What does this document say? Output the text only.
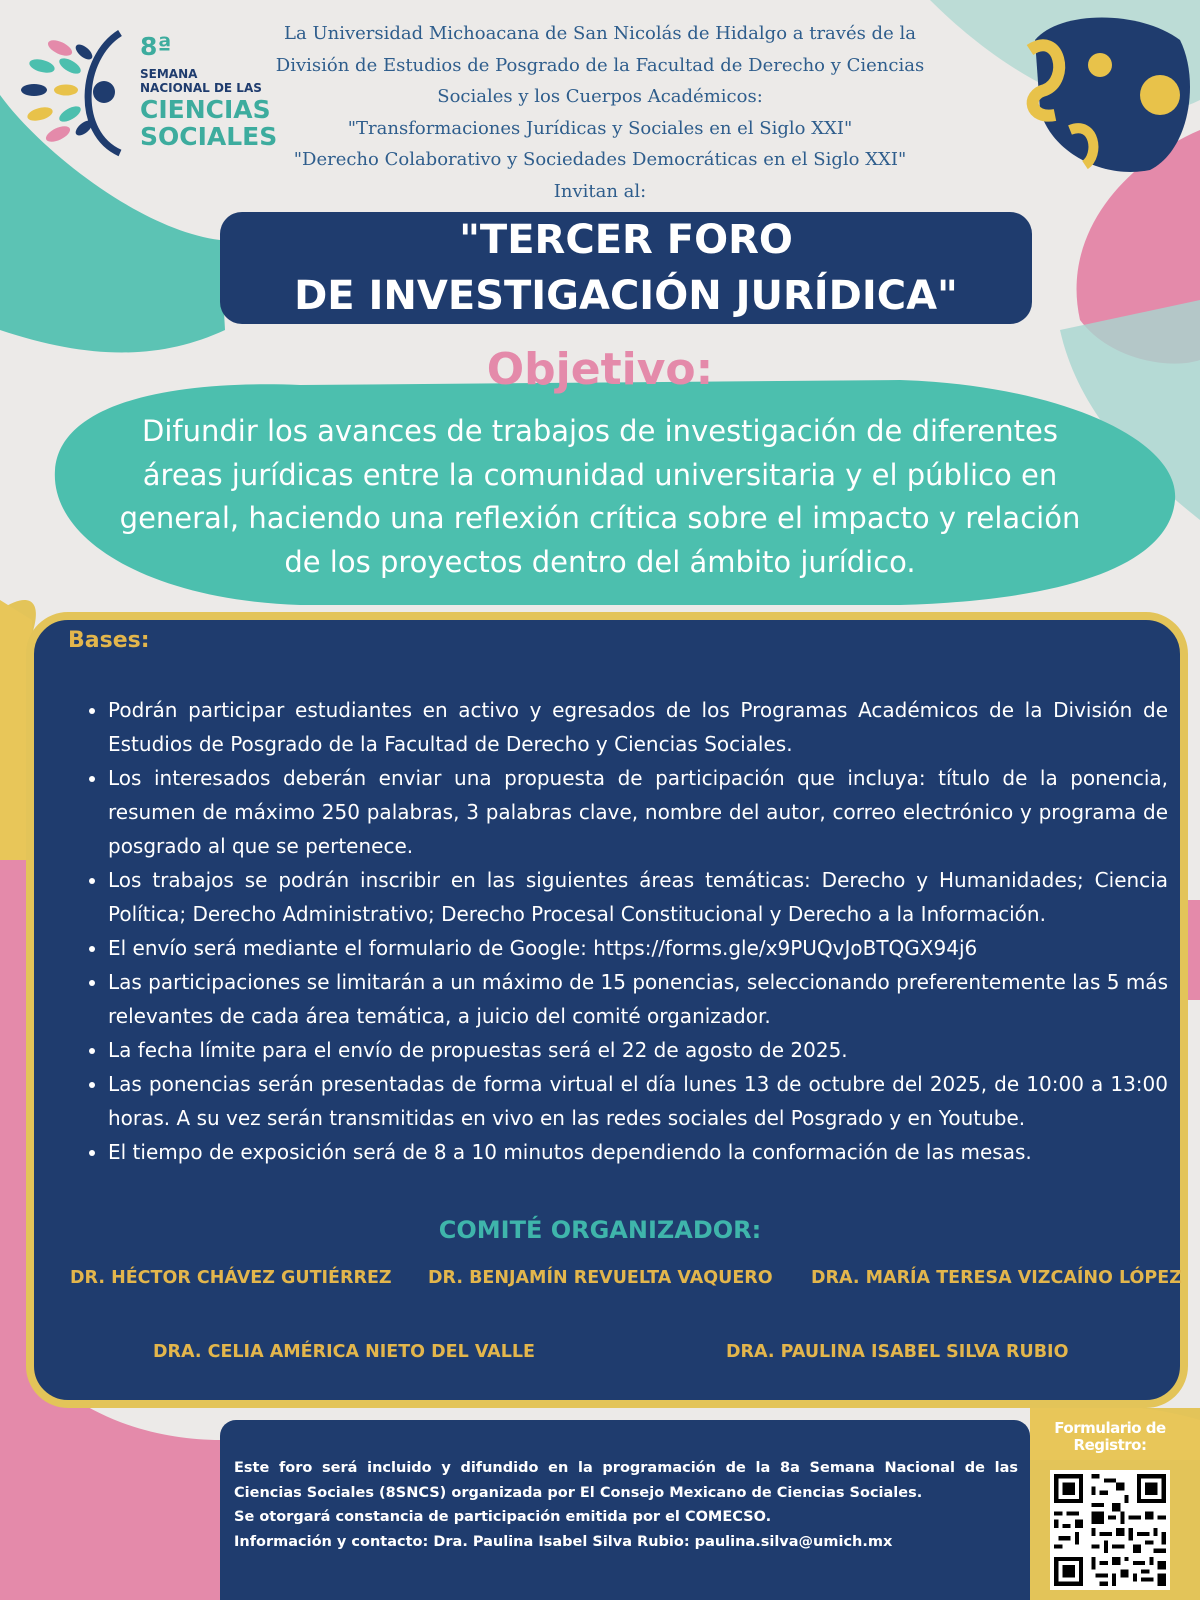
8ª
SEMANA
NACIONAL DE LAS
CIENCIAS
SOCIALES

La Universidad Michoacana de San Nicolás de Hidalgo a través de la
División de Estudios de Posgrado de la Facultad de Derecho y Ciencias
Sociales y los Cuerpos Académicos:
"Transformaciones Jurídicas y Sociales en el Siglo XXI"
"Derecho Colaborativo y Sociedades Democráticas en el Siglo XXI"
Invitan al:

"TERCER FORO
DE INVESTIGACIÓN JURÍDICA"
Objetivo:

Difundir los avances de trabajos de investigación de diferentes
áreas jurídicas entre la comunidad universitaria y el público en
general, haciendo una reflexión crítica sobre el impacto y relación
de los proyectos dentro del ámbito jurídico.

Bases:
• Podrán participar estudiantes en activo y egresados de los Programas Académicos de la División de Estudios de Posgrado de la Facultad de Derecho y Ciencias Sociales.
• Los interesados deberán enviar una propuesta de participación que incluya: título de la ponencia, resumen de máximo 250 palabras, 3 palabras clave, nombre del autor, correo electrónico y programa de posgrado al que se pertenece.
• Los trabajos se podrán inscribir en las siguientes áreas temáticas: Derecho y Humanidades; Ciencia Política; Derecho Administrativo; Derecho Procesal Constitucional y Derecho a la Información.
• El envío será mediante el formulario de Google: https://forms.gle/x9PUQvJoBTQGX94j6
• Las participaciones se limitarán a un máximo de 15 ponencias, seleccionando preferentemente las 5 más relevantes de cada área temática, a juicio del comité organizador.
• La fecha límite para el envío de propuestas será el 22 de agosto de 2025.
• Las ponencias serán presentadas de forma virtual el día lunes 13 de octubre del 2025, de 10:00 a 13:00 horas. A su vez serán transmitidas en vivo en las redes sociales del Posgrado y en Youtube.
• El tiempo de exposición será de 8 a 10 minutos dependiendo la conformación de las mesas.
COMITÉ ORGANIZADOR:
DR. HÉCTOR CHÁVEZ GUTIÉRREZ DR. BENJAMÍN REVUELTA VAQUERO DRA. MARÍA TERESA VIZCAÍNO LÓPEZ
DRA. CELIA AMÉRICA NIETO DEL VALLE	DRA. PAULINA ISABEL SILVA RUBIO

Este foro será incluido y difundido en la programación de la 8a Semana Nacional de las Ciencias Sociales (8SNCS) organizada por El Consejo Mexicano de Ciencias Sociales.
Se otorgará constancia de participación emitida por el COMECSO.
Información y contacto: Dra. Paulina Isabel Silva Rubio: paulina.silva@umich.mx

Formulario de Registro:
